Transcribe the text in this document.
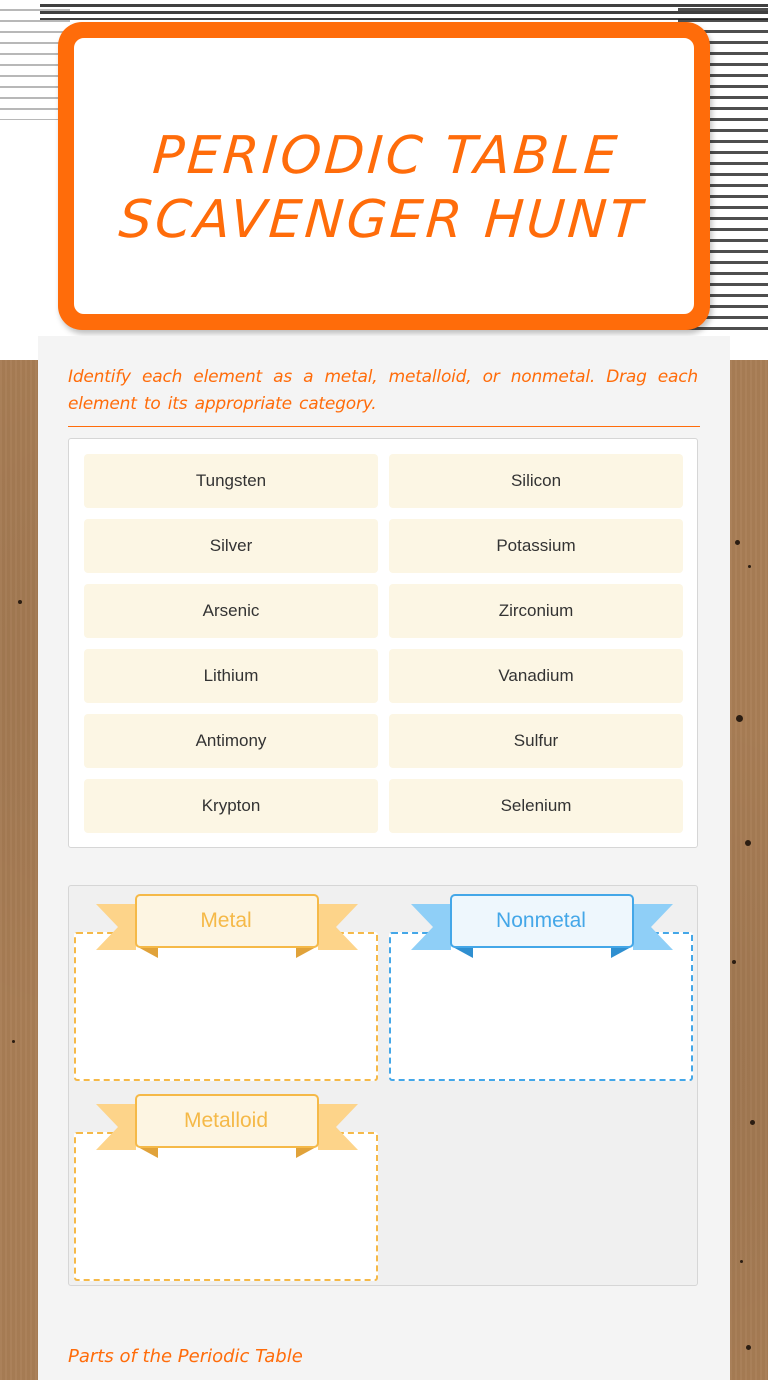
PERIODIC TABLE
SCAVENGER HUNT
Identify each element as a metal, metalloid, or nonmetal. Drag each element to its appropriate category.
Tungsten	Silicon
Silver	Potassium
Arsenic	Zirconium
Lithium	Vanadium
Antimony	Sulfur
Krypton	Selenium
Metal	Nonmetal
Metalloid
Parts of the Periodic Table
